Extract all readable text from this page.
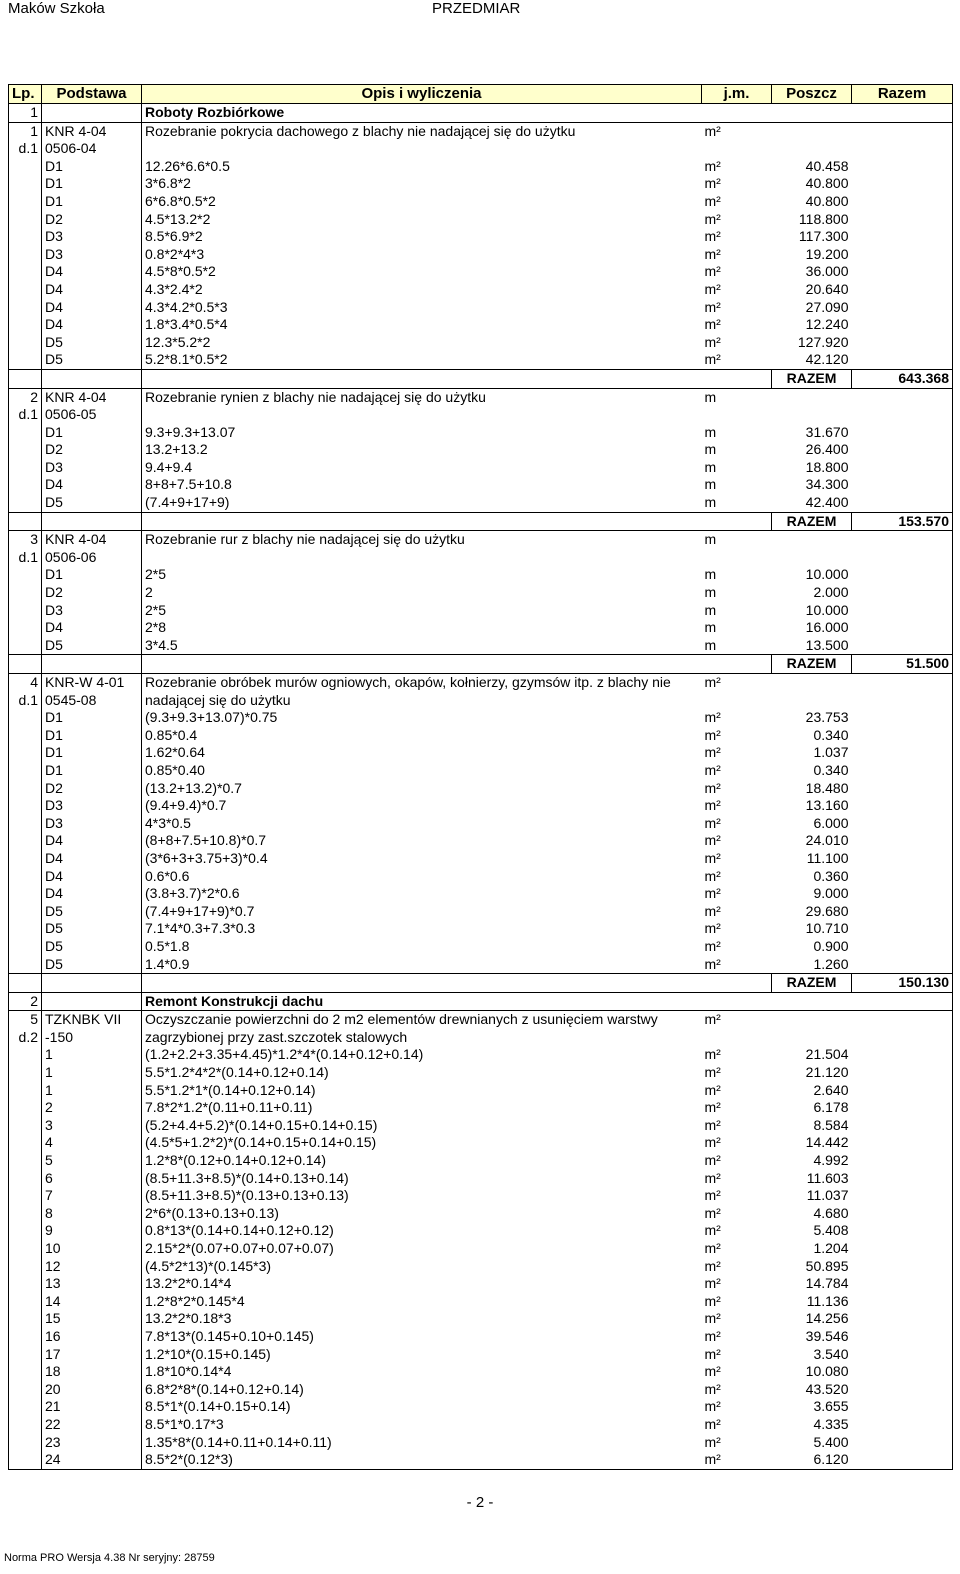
Maków Szkoła	PRZEDMIAR
Lp.	Podstawa	Opis i wyliczenia	j.m.	Poszcz	Razem
1		Roboty Rozbiórkowe			
1	KNR 4-04	Rozebranie pokrycia dachowego z blachy nie nadającej się do użytku	m²		
d.1	0506-04				
	D1	12.26*6.6*0.5	m²	40.458	
	D1	3*6.8*2	m²	40.800	
	D1	6*6.8*0.5*2	m²	40.800	
	D2	4.5*13.2*2	m²	118.800	
	D3	8.5*6.9*2	m²	117.300	
	D3	0.8*2*4*3	m²	19.200	
	D4	4.5*8*0.5*2	m²	36.000	
	D4	4.3*2.4*2	m²	20.640	
	D4	4.3*4.2*0.5*3	m²	27.090	
	D4	1.8*3.4*0.5*4	m²	12.240	
	D5	12.3*5.2*2	m²	127.920	
	D5	5.2*8.1*0.5*2	m²	42.120	
				RAZEM	643.368
2	KNR 4-04	Rozebranie rynien z blachy nie nadającej się do użytku	m		
d.1	0506-05				
	D1	9.3+9.3+13.07	m	31.670	
	D2	13.2+13.2	m	26.400	
	D3	9.4+9.4	m	18.800	
	D4	8+8+7.5+10.8	m	34.300	
	D5	(7.4+9+17+9)	m	42.400	
				RAZEM	153.570
3	KNR 4-04	Rozebranie rur z blachy nie nadającej się do użytku	m		
d.1	0506-06				
	D1	2*5	m	10.000	
	D2	2	m	2.000	
	D3	2*5	m	10.000	
	D4	2*8	m	16.000	
	D5	3*4.5	m	13.500	
				RAZEM	51.500
4	KNR-W 4-01	Rozebranie obróbek murów ogniowych, okapów, kołnierzy, gzymsów itp. z blachy nie nadającej się do użytku	m²		
d.1	0545-08				
	D1	(9.3+9.3+13.07)*0.75	m²	23.753	
	D1	0.85*0.4	m²	0.340	
	D1	1.62*0.64	m²	1.037	
	D1	0.85*0.40	m²	0.340	
	D2	(13.2+13.2)*0.7	m²	18.480	
	D3	(9.4+9.4)*0.7	m²	13.160	
	D3	4*3*0.5	m²	6.000	
	D4	(8+8+7.5+10.8)*0.7	m²	24.010	
	D4	(3*6+3+3.75+3)*0.4	m²	11.100	
	D4	0.6*0.6	m²	0.360	
	D4	(3.8+3.7)*2*0.6	m²	9.000	
	D5	(7.4+9+17+9)*0.7	m²	29.680	
	D5	7.1*4*0.3+7.3*0.3	m²	10.710	
	D5	0.5*1.8	m²	0.900	
	D5	1.4*0.9	m²	1.260	
				RAZEM	150.130
2		Remont Konstrukcji dachu			
5	TZKNBK VII	Oczyszczanie powierzchni do 2 m2 elementów drewnianych z usunięciem warstwy zagrzybionej przy zast.szczotek stalowych	m²		
d.2	-150				
	1	(1.2+2.2+3.35+4.45)*1.2*4*(0.14+0.12+0.14)	m²	21.504	
	1	5.5*1.2*4*2*(0.14+0.12+0.14)	m²	21.120	
	1	5.5*1.2*1*(0.14+0.12+0.14)	m²	2.640	
	2	7.8*2*1.2*(0.11+0.11+0.11)	m²	6.178	
	3	(5.2+4.4+5.2)*(0.14+0.15+0.14+0.15)	m²	8.584	
	4	(4.5*5+1.2*2)*(0.14+0.15+0.14+0.15)	m²	14.442	
	5	1.2*8*(0.12+0.14+0.12+0.14)	m²	4.992	
	6	(8.5+11.3+8.5)*(0.14+0.13+0.14)	m²	11.603	
	7	(8.5+11.3+8.5)*(0.13+0.13+0.13)	m²	11.037	
	8	2*6*(0.13+0.13+0.13)	m²	4.680	
	9	0.8*13*(0.14+0.14+0.12+0.12)	m²	5.408	
	10	2.15*2*(0.07+0.07+0.07+0.07)	m²	1.204	
	12	(4.5*2*13)*(0.145*3)	m²	50.895	
	13	13.2*2*0.14*4	m²	14.784	
	14	1.2*8*2*0.145*4	m²	11.136	
	15	13.2*2*0.18*3	m²	14.256	
	16	7.8*13*(0.145+0.10+0.145)	m²	39.546	
	17	1.2*10*(0.15+0.145)	m²	3.540	
	18	1.8*10*0.14*4	m²	10.080	
	20	6.8*2*8*(0.14+0.12+0.14)	m²	43.520	
	21	8.5*1*(0.14+0.15+0.14)	m²	3.655	
	22	8.5*1*0.17*3	m²	4.335	
	23	1.35*8*(0.14+0.11+0.14+0.11)	m²	5.400	
	24	8.5*2*(0.12*3)	m²	6.120	
- 2 -
Norma PRO Wersja 4.38 Nr seryjny: 28759
